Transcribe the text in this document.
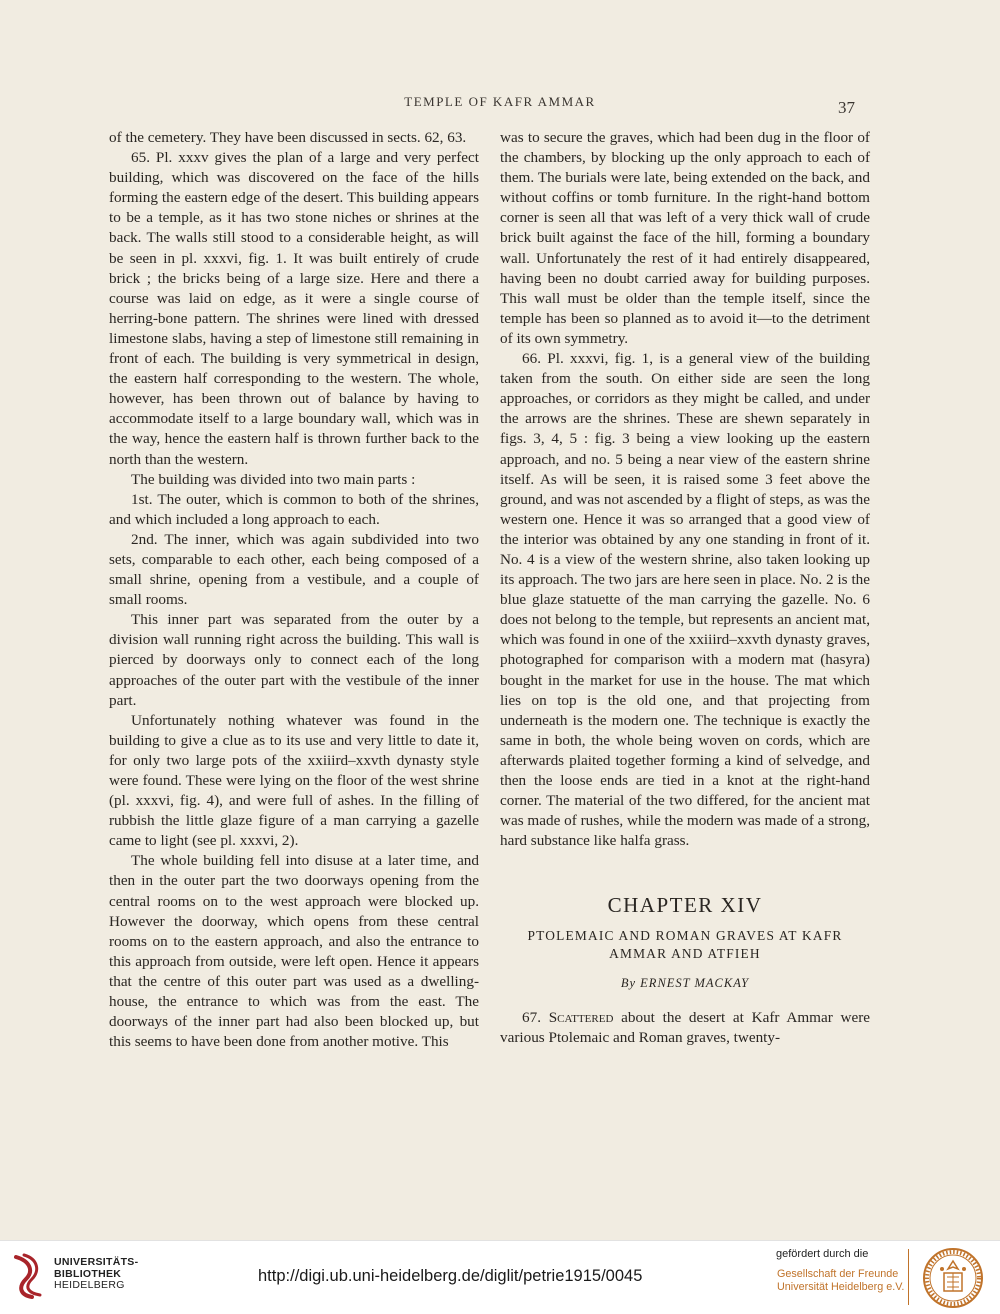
TEMPLE OF KAFR AMMAR	37

of the cemetery. They have been discussed in sects. 62, 63.

65. Pl. xxxv gives the plan of a large and very perfect building, which was discovered on the face of the hills forming the eastern edge of the desert. This building appears to be a temple, as it has two stone niches or shrines at the back. The walls still stood to a considerable height, as will be seen in pl. xxxvi, fig. 1. It was built entirely of crude brick ; the bricks being of a large size. Here and there a course was laid on edge, as it were a single course of herring-bone pattern. The shrines were lined with dressed limestone slabs, having a step of limestone still remaining in front of each. The building is very symmetrical in design, the eastern half corresponding to the western. The whole, however, has been thrown out of balance by having to accommodate itself to a large boundary wall, which was in the way, hence the eastern half is thrown further back to the north than the western.

The building was divided into two main parts :

1st. The outer, which is common to both of the shrines, and which included a long approach to each.

2nd. The inner, which was again subdivided into two sets, comparable to each other, each being composed of a small shrine, opening from a vestibule, and a couple of small rooms.

This inner part was separated from the outer by a division wall running right across the building. This wall is pierced by doorways only to connect each of the long approaches of the outer part with the vestibule of the inner part.

Unfortunately nothing whatever was found in the building to give a clue as to its use and very little to date it, for only two large pots of the xxiiird–xxvth dynasty style were found. These were lying on the floor of the west shrine (pl. xxxvi, fig. 4), and were full of ashes. In the filling of rubbish the little glaze figure of a man carrying a gazelle came to light (see pl. xxxvi, 2).

The whole building fell into disuse at a later time, and then in the outer part the two doorways opening from the central rooms on to the west approach were blocked up. However the doorway, which opens from these central rooms on to the eastern approach, and also the entrance to this approach from outside, were left open. Hence it appears that the centre of this outer part was used as a dwelling-house, the entrance to which was from the east. The doorways of the inner part had also been blocked up, but this seems to have been done from another motive. This

was to secure the graves, which had been dug in the floor of the chambers, by blocking up the only approach to each of them. The burials were late, being extended on the back, and without coffins or tomb furniture. In the right-hand bottom corner is seen all that was left of a very thick wall of crude brick built against the face of the hill, forming a boundary wall. Unfortunately the rest of it had entirely disappeared, having been no doubt carried away for building purposes. This wall must be older than the temple itself, since the temple has been so planned as to avoid it—to the detriment of its own symmetry.

66. Pl. xxxvi, fig. 1, is a general view of the building taken from the south. On either side are seen the long approaches, or corridors as they might be called, and under the arrows are the shrines. These are shewn separately in figs. 3, 4, 5 : fig. 3 being a view looking up the eastern approach, and no. 5 being a near view of the eastern shrine itself. As will be seen, it is raised some 3 feet above the ground, and was not ascended by a flight of steps, as was the western one. Hence it was so arranged that a good view of the interior was obtained by any one standing in front of it. No. 4 is a view of the western shrine, also taken looking up its approach. The two jars are here seen in place. No. 2 is the blue glaze statuette of the man carrying the gazelle. No. 6 does not belong to the temple, but represents an ancient mat, which was found in one of the xxiiird–xxvth dynasty graves, photographed for comparison with a modern mat (hasyra) bought in the market for use in the house. The mat which lies on top is the old one, and that projecting from underneath is the modern one. The technique is exactly the same in both, the whole being woven on cords, which are afterwards plaited together forming a kind of selvedge, and then the loose ends are tied in a knot at the right-hand corner. The material of the two differed, for the ancient mat was made of rushes, while the modern was made of a strong, hard substance like halfa grass.

CHAPTER XIV
PTOLEMAIC AND ROMAN GRAVES AT KAFR AMMAR AND ATFIEH
By ERNEST MACKAY

67. Scattered about the desert at Kafr Ammar were various Ptolemaic and Roman graves, twenty-

UNIVERSITÄTS-
BIBLIOTHEK
HEIDELBERG	http://digi.ub.uni-heidelberg.de/diglit/petrie1915/0045
gefördert durch die
Gesellschaft der Freunde
Universität Heidelberg e.V.
